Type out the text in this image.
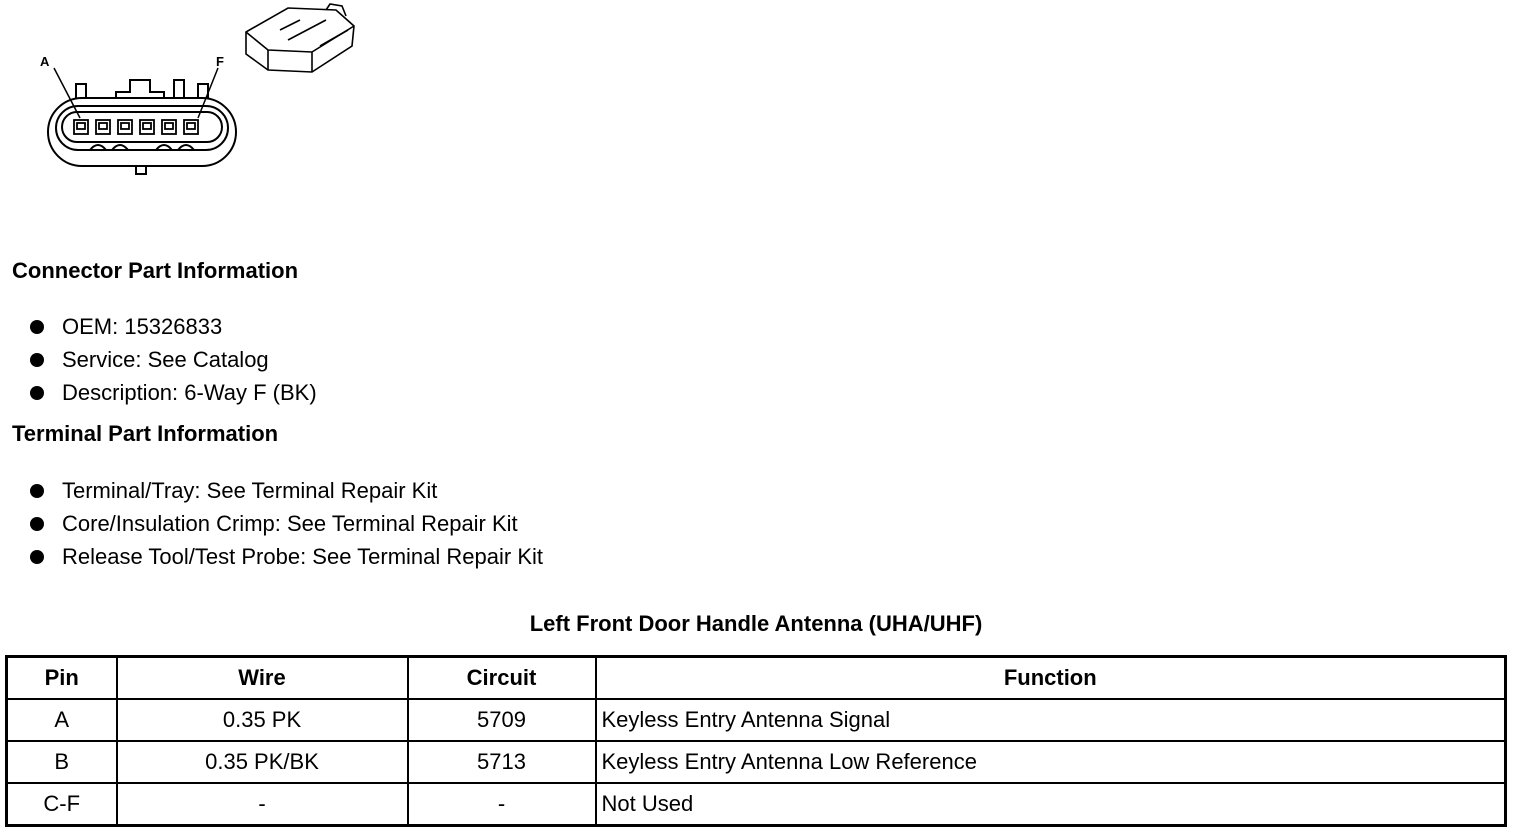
A	F

Connector Part Information

OEM: 15326833
Service: See Catalog
Description: 6-Way F (BK)

Terminal Part Information

Terminal/Tray: See Terminal Repair Kit
Core/Insulation Crimp: See Terminal Repair Kit
Release Tool/Test Probe: See Terminal Repair Kit

Left Front Door Handle Antenna (UHA/UHF)

Pin	Wire	Circuit	Function
A	0.35 PK	5709	Keyless Entry Antenna Signal
B	0.35 PK/BK	5713	Keyless Entry Antenna Low Reference
C-F	-	-	Not Used
